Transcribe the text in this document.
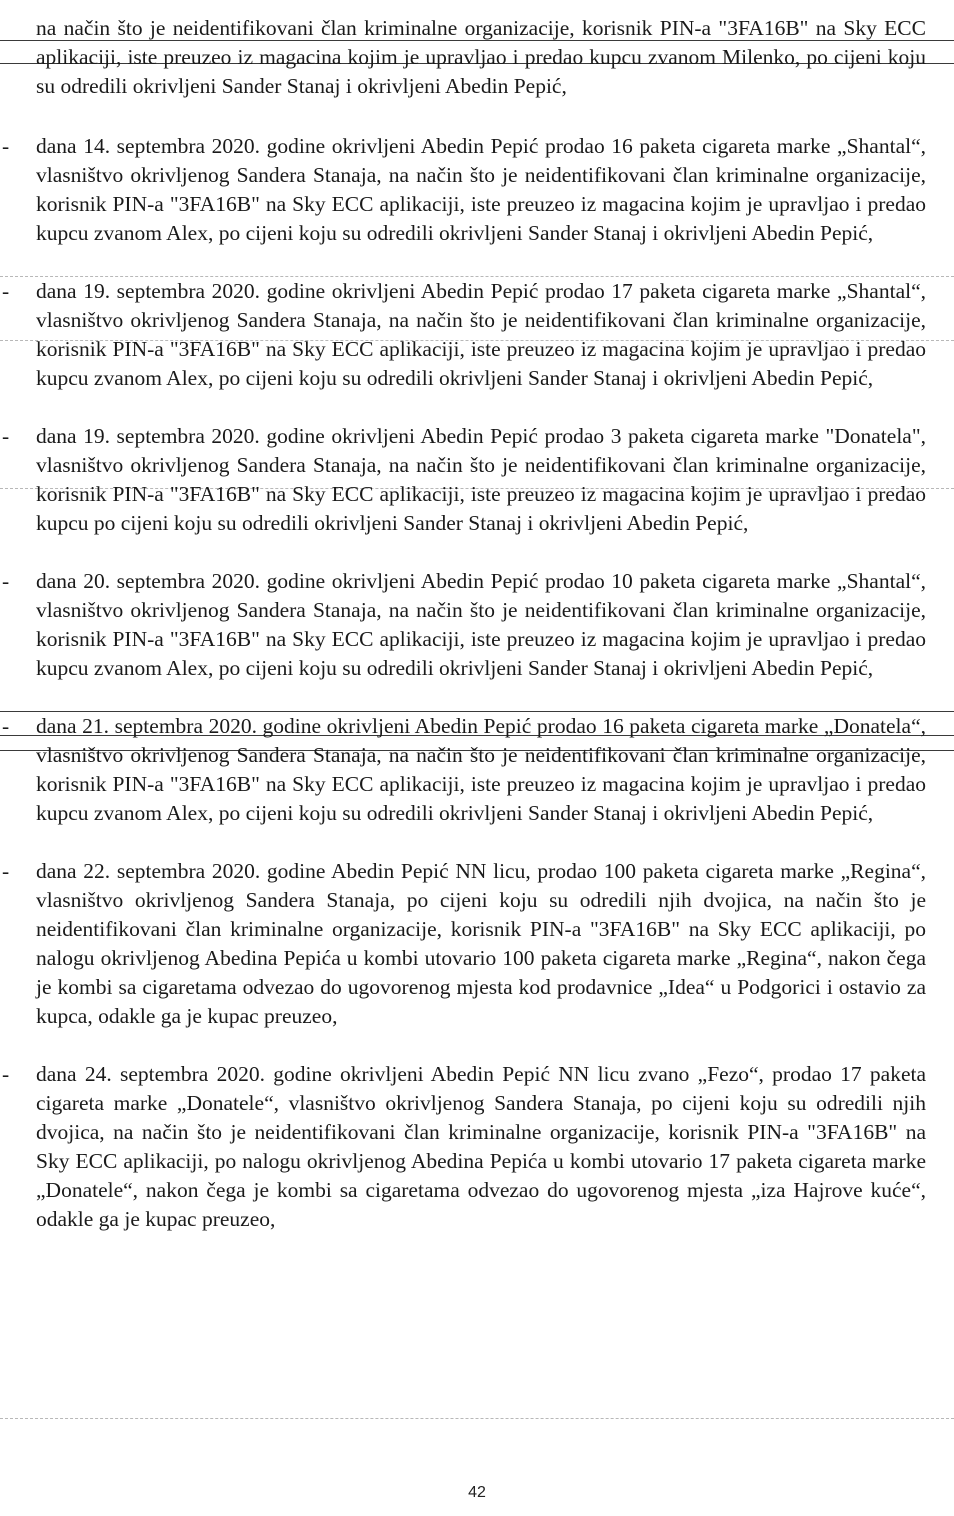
na način što je neidentifikovani član kriminalne organizacije, korisnik PIN-a "3FA16B" na Sky ECC aplikaciji, iste preuzeo iz magacina kojim je upravljao i predao kupcu zvanom Milenko, po cijeni koju su odredili okrivljeni Sander Stanaj i okrivljeni Abedin Pepić,

-	dana 14. septembra 2020. godine okrivljeni Abedin Pepić prodao 16 paketa cigareta marke „Shantal“, vlasništvo okrivljenog Sandera Stanaja, na način što je neidentifikovani član kriminalne organizacije, korisnik PIN-a "3FA16B" na Sky ECC aplikaciji, iste preuzeo iz magacina kojim je upravljao i predao kupcu zvanom Alex, po cijeni koju su odredili okrivljeni Sander Stanaj i okrivljeni Abedin Pepić,
-	dana 19. septembra 2020. godine okrivljeni Abedin Pepić prodao 17 paketa cigareta marke „Shantal“, vlasništvo okrivljenog Sandera Stanaja, na način što je neidentifikovani član kriminalne organizacije, korisnik PIN-a "3FA16B" na Sky ECC aplikaciji, iste preuzeo iz magacina kojim je upravljao i predao kupcu zvanom Alex, po cijeni koju su odredili okrivljeni Sander Stanaj i okrivljeni Abedin Pepić,
-	dana 19. septembra 2020. godine okrivljeni Abedin Pepić prodao 3 paketa cigareta marke "Donatela", vlasništvo okrivljenog Sandera Stanaja, na način što je neidentifikovani član kriminalne organizacije, korisnik PIN-a "3FA16B" na Sky ECC aplikaciji, iste preuzeo iz magacina kojim je upravljao i predao kupcu po cijeni koju su odredili okrivljeni Sander Stanaj i okrivljeni Abedin Pepić,
-	dana 20. septembra 2020. godine okrivljeni Abedin Pepić prodao 10 paketa cigareta marke „Shantal“, vlasništvo okrivljenog Sandera Stanaja, na način što je neidentifikovani član kriminalne organizacije, korisnik PIN-a "3FA16B" na Sky ECC aplikaciji, iste preuzeo iz magacina kojim je upravljao i predao kupcu zvanom Alex, po cijeni koju su odredili okrivljeni Sander Stanaj i okrivljeni Abedin Pepić,
-	dana 21. septembra 2020. godine okrivljeni Abedin Pepić prodao 16 paketa cigareta marke „Donatela“, vlasništvo okrivljenog Sandera Stanaja, na način što je neidentifikovani član kriminalne organizacije, korisnik PIN-a "3FA16B" na Sky ECC aplikaciji, iste preuzeo iz magacina kojim je upravljao i predao kupcu zvanom Alex, po cijeni koju su odredili okrivljeni Sander Stanaj i okrivljeni Abedin Pepić,
-	dana 22. septembra 2020. godine Abedin Pepić NN licu, prodao 100 paketa cigareta marke „Regina“, vlasništvo okrivljenog Sandera Stanaja, po cijeni koju su odredili njih dvojica, na način što je neidentifikovani član kriminalne organizacije, korisnik PIN-a "3FA16B" na Sky ECC aplikaciji, po nalogu okrivljenog Abedina Pepića u kombi utovario 100 paketa cigareta marke „Regina“, nakon čega je kombi sa cigaretama odvezao do ugovorenog mjesta kod prodavnice „Idea“ u Podgorici i ostavio za kupca, odakle ga je kupac preuzeo,
-	dana 24. septembra 2020. godine okrivljeni Abedin Pepić NN licu zvano „Fezo“, prodao 17 paketa cigareta marke „Donatele“, vlasništvo okrivljenog Sandera Stanaja, po cijeni koju su odredili njih dvojica, na način što je neidentifikovani član kriminalne organizacije, korisnik PIN-a "3FA16B" na Sky ECC aplikaciji, po nalogu okrivljenog Abedina Pepića u kombi utovario 17 paketa cigareta marke „Donatele“, nakon čega je kombi sa cigaretama odvezao do ugovorenog mjesta „iza Hajrove kuće“, odakle ga je kupac preuzeo,
42
